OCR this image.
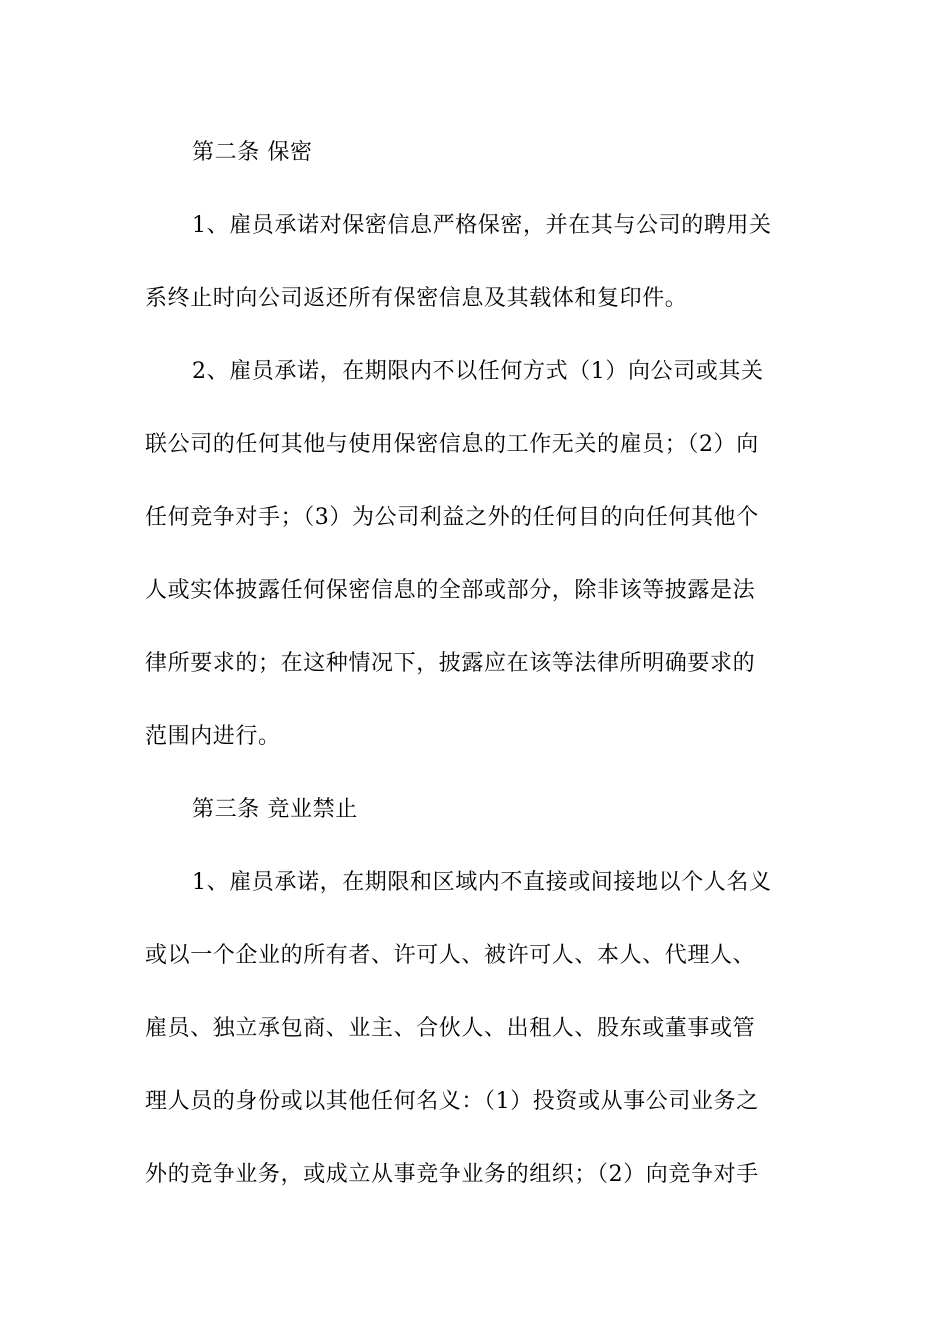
第二条 保密
1、雇员承诺对保密信息严格保密，并在其与公司的聘用关
系终止时向公司返还所有保密信息及其载体和复印件。
2、雇员承诺，在期限内不以任何方式（1）向公司或其关
联公司的任何其他与使用保密信息的工作无关的雇员；（2）向
任何竞争对手；（3）为公司利益之外的任何目的向任何其他个
人或实体披露任何保密信息的全部或部分，除非该等披露是法
律所要求的；在这种情况下，披露应在该等法律所明确要求的
范围内进行。
第三条 竞业禁止
1、雇员承诺，在期限和区域内不直接或间接地以个人名义
或以一个企业的所有者、许可人、被许可人、本人、代理人、
雇员、独立承包商、业主、合伙人、出租人、股东或董事或管
理人员的身份或以其他任何名义：（1）投资或从事公司业务之
外的竞争业务，或成立从事竞争业务的组织；（2）向竞争对手
